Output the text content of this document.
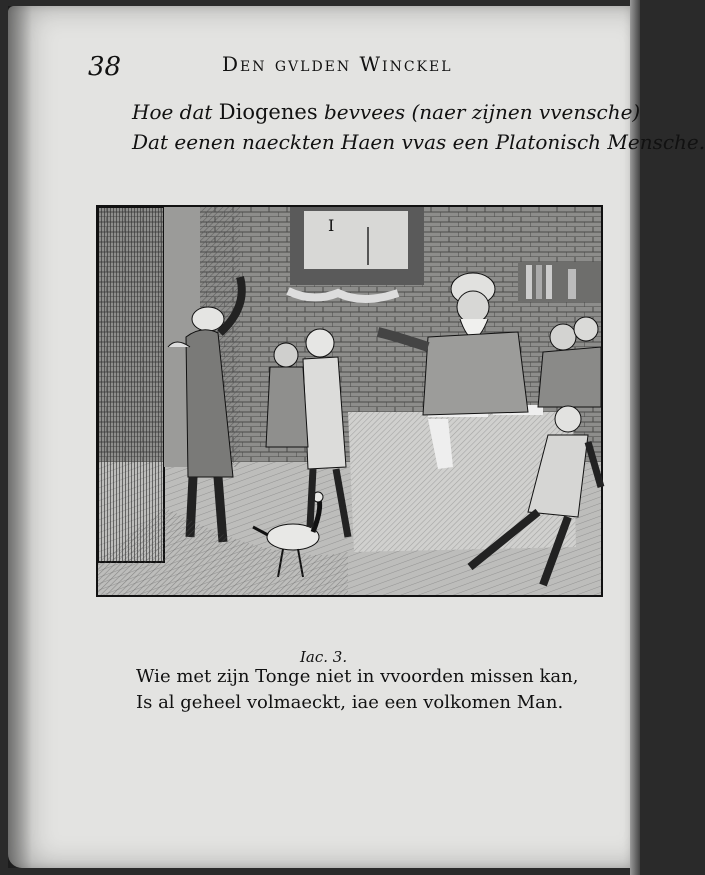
38	Den gvlden Winckel
Hoe dat Diogenes bevvees (naer zijnen vvensche)
Dat eenen naeckten Haen vvas een Platonisch Mensche.
I
Iac. 3.
Wie met zijn Tonge niet in vvoorden missen kan,
Is al geheel volmaeckt, iae een volkomen Man.
